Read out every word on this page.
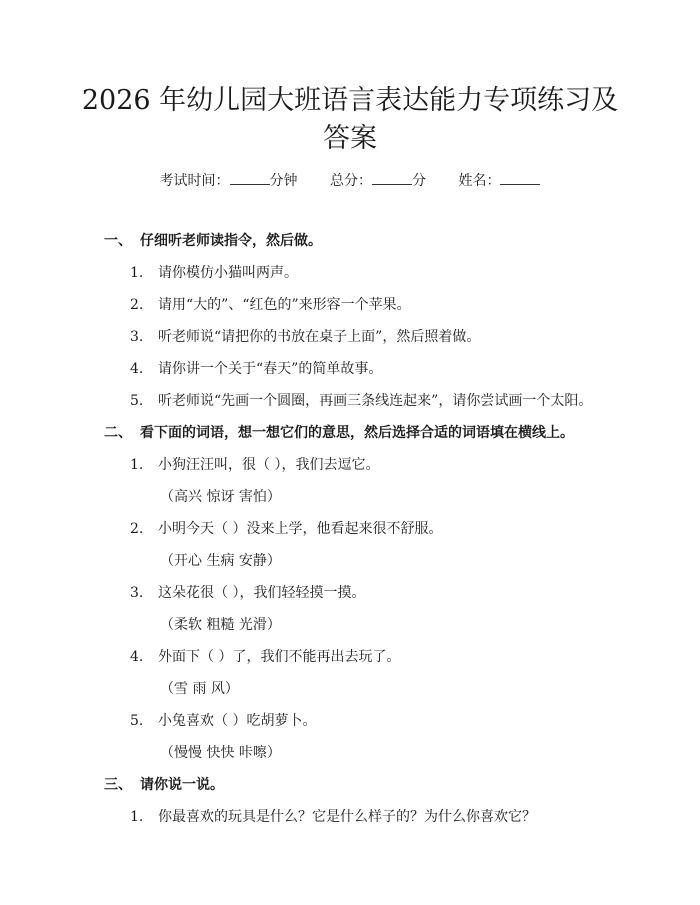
2026 年幼儿园大班语言表达能力专项练习及
答案
考试时间：	分钟 总分：	分 姓名：
一、 仔细听老师读指令，然后做。
1. 请你模仿小猫叫两声。
2. 请用“大的”、“红色的”来形容一个苹果。
3. 听老师说“请把你的书放在桌子上面”，然后照着做。
4. 请你讲一个关于“春天”的简单故事。
5. 听老师说“先画一个圆圈，再画三条线连起来”，请你尝试画一个太阳。
二、 看下面的词语，想一想它们的意思，然后选择合适的词语填在横线上。
1. 小狗汪汪叫，很（ ），我们去逗它。
（高兴 惊讶 害怕）
2. 小明今天（ ）没来上学，他看起来很不舒服。
（开心 生病 安静）
3. 这朵花很（ ），我们轻轻摸一摸。
（柔软 粗糙 光滑）
4. 外面下（ ）了，我们不能再出去玩了。
（雪 雨 风）
5. 小兔喜欢（ ）吃胡萝卜。
（慢慢 快快 咔嚓）
三、 请你说一说。
1. 你最喜欢的玩具是什么？它是什么样子的？为什么你喜欢它？
